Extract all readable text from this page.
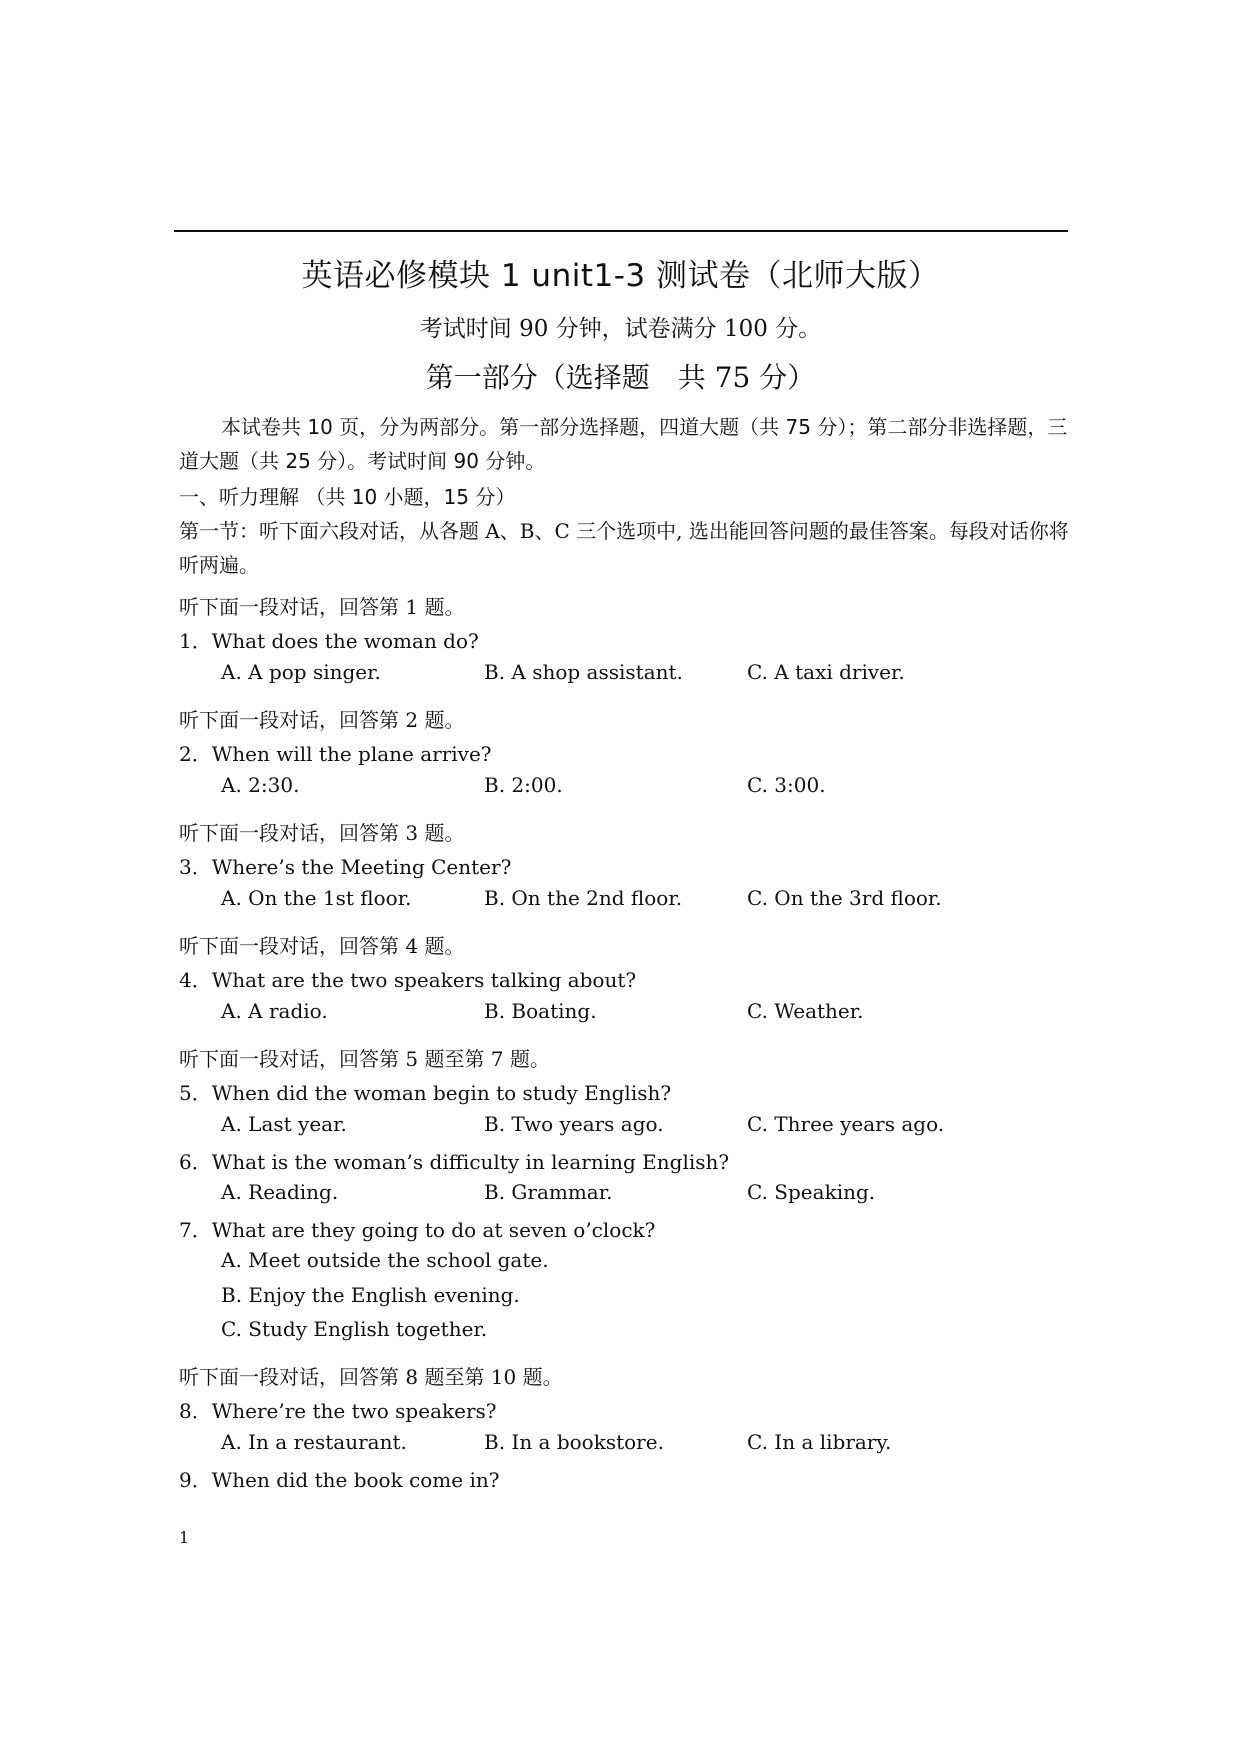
英语必修模块 1 unit1-3 测试卷（北师大版）
考试时间 90 分钟，试卷满分 100 分。
第一部分（选择题　共 75 分）
本试卷共 10 页，分为两部分。第一部分选择题，四道大题（共 75 分）；第二部分非选择题，三道大题（共 25 分）。考试时间 90 分钟。
一、听力理解 （共 10 小题，15 分）
第一节：听下面六段对话，从各题 A、B、C 三个选项中, 选出能回答问题的最佳答案。每段对话你将听两遍。
听下面一段对话，回答第 1 题。
1．What does the woman do?
A. A pop singer.	B. A shop assistant.	C. A taxi driver.
听下面一段对话，回答第 2 题。
2．When will the plane arrive?
A. 2:30.	B. 2:00.	C. 3:00.
听下面一段对话，回答第 3 题。
3．Where’s the Meeting Center?
A. On the 1st floor.	B. On the 2nd floor.	C. On the 3rd floor.
听下面一段对话，回答第 4 题。
4．What are the two speakers talking about?
A. A radio.	B. Boating.	C. Weather.
听下面一段对话，回答第 5 题至第 7 题。
5．When did the woman begin to study English?
A. Last year.	B. Two years ago.	C. Three years ago.
6．What is the woman’s difficulty in learning English?
A. Reading.	B. Grammar.	C. Speaking.
7．What are they going to do at seven o’clock?
A. Meet outside the school gate.
B. Enjoy the English evening.
C. Study English together.
听下面一段对话，回答第 8 题至第 10 题。
8．Where’re the two speakers?
A. In a restaurant.	B. In a bookstore.	C. In a library.
9．When did the book come in?
1
